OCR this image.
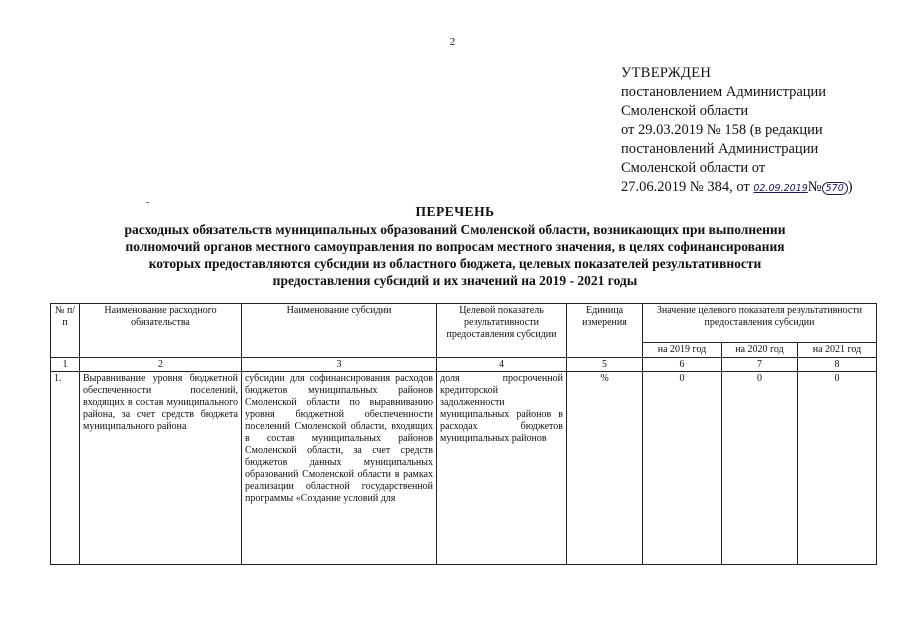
2
УТВЕРЖДЕН
постановлением Администрации
Смоленской области
от 29.03.2019 № 158 (в редакции
постановлений Администрации
Смоленской области от
27.06.2019 № 384, от 02.09.2019№ 570 )
ПЕРЕЧЕНЬ
расходных обязательств муниципальных образований Смоленской области, возникающих при выполнении
полномочий органов местного самоуправления по вопросам местного значения, в целях софинансирования
которых предоставляются субсидии из областного бюджета, целевых показателей результативности
предоставления субсидий и их значений на 2019 - 2021 годы
№ п/п	Наименование расходного обязательства	Наименование субсидии	Целевой показатель результативности предоставления субсидии	Единица измерения	Значение целевого показателя результативности предоставления субсидии		
					на 2019 год	на 2020 год	на 2021 год
1	2	3	4	5	6	7	8
1.	Выравнивание уровня бюджетной обеспеченности поселений, входящих в состав муниципального района, за счет средств бюджета муниципального района	субсидии для софинансирования расходов бюджетов муниципальных районов Смоленской области по выравниванию уровня бюджетной обеспеченности поселений Смоленской области, входящих в состав муниципальных районов Смоленской области, за счет средств бюджетов данных муниципальных образований Смоленской области в рамках реализации областной государственной программы «Создание условий для	доля просроченной кредиторской задолженности муниципальных районов в расходах бюджетов муниципальных районов	%	0	0	0
